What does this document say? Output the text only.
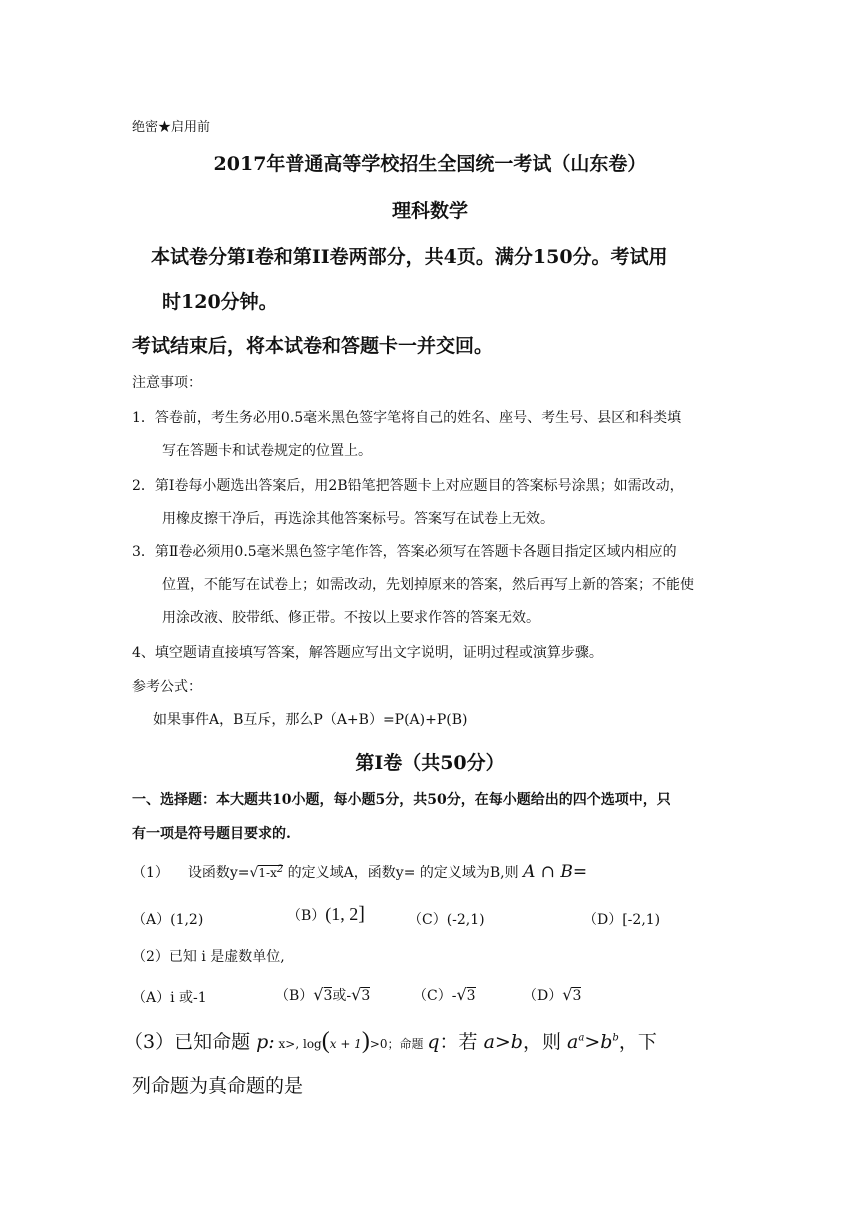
绝密★启用前
2017年普通高等学校招生全国统一考试（山东卷）
理科数学
本试卷分第Ⅰ卷和第II卷两部分，共4页。满分150分。考试用
时120分钟。
考试结束后，将本试卷和答题卡一并交回。
注意事项：
1．答卷前，考生务必用0.5毫米黑色签字笔将自己的姓名、座号、考生号、县区和科类填
写在答题卡和试卷规定的位置上。
2．第Ⅰ卷每小题选出答案后，用2B铅笔把答题卡上对应题目的答案标号涂黑；如需改动，
用橡皮擦干净后，再选涂其他答案标号。答案写在试卷上无效。
3．第Ⅱ卷必须用0.5毫米黑色签字笔作答，答案必须写在答题卡各题目指定区域内相应的
位置，不能写在试卷上；如需改动，先划掉原来的答案，然后再写上新的答案；不能使
用涂改液、胶带纸、修正带。不按以上要求作答的答案无效。
4、填空题请直接填写答案，解答题应写出文字说明，证明过程或演算步骤。
参考公式：
如果事件A，B互斥，那么P（A+B）=P(A)+P(B)
第I卷（共50分）
一、选择题：本大题共10小题，每小题5分，共50分，在每小题给出的四个选项中，只
有一项是符号题目要求的.
（1） 设函数$y=√1-x^2$ 的定义域A，函数y= 的定义域为B,则 A ∩ B=
（A）(1,2)	（B）(1, 2]	（C）(-2,1)	（D）[-2,1)
（2）已知 i 是虚数单位,
（A）i 或-1	（B）√3或-√3	（C）-√3	（D）√3
（3）已知命题 p: x>, log(x + 1)>0；命题 q：若 a>b，则 $a^a>b^b$，下
列命题为真命题的是
